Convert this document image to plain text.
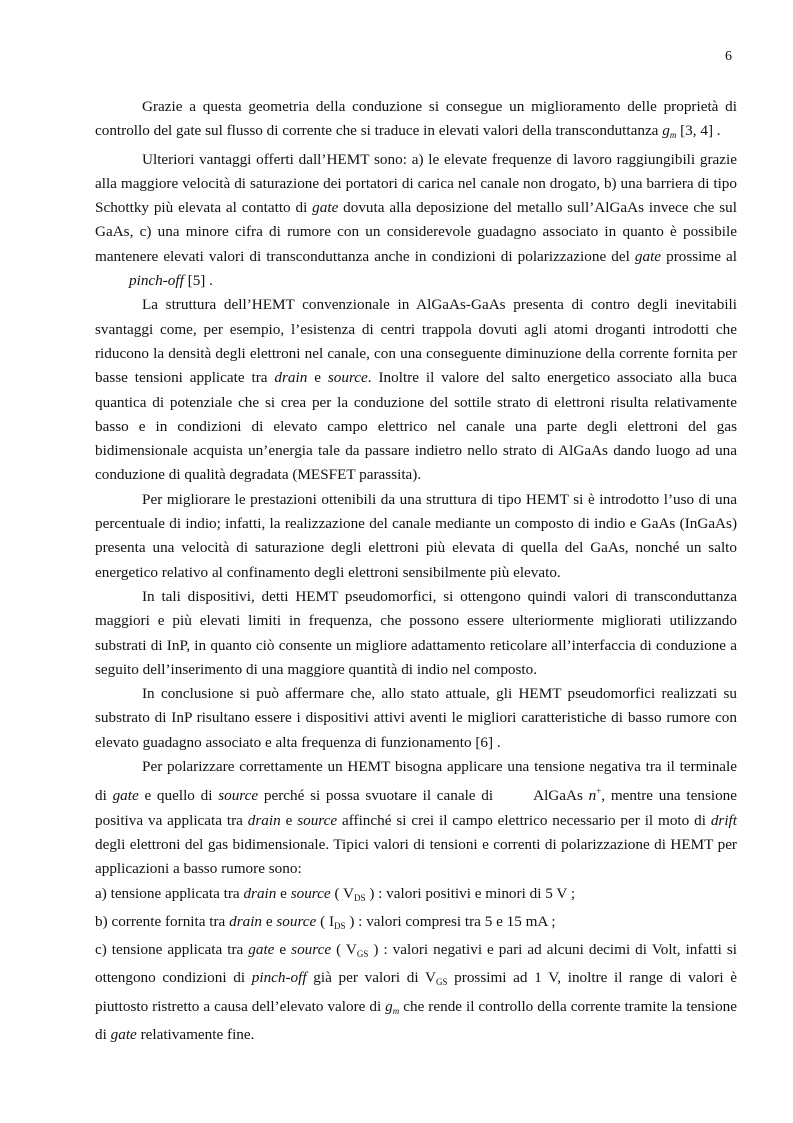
6

Grazie a questa geometria della conduzione si consegue un miglioramento delle proprietà di controllo del gate sul flusso di corrente che si traduce in elevati valori della transconduttanza $g_m$ [3, 4] .

Ulteriori vantaggi offerti dall’HEMT sono: a) le elevate frequenze di lavoro raggiungibili grazie alla maggiore velocità di saturazione dei portatori di carica nel canale non drogato, b) una barriera di tipo Schottky più elevata al contatto di gate dovuta alla deposizione del metallo sull’AlGaAs invece che sul GaAs, c) una minore cifra di rumore con un considerevole guadagno associato in quanto è possibile mantenere elevati valori di transconduttanza anche in condizioni di polarizzazione del gate prossime alpinch-off [5] .

La struttura dell’HEMT convenzionale in AlGaAs-GaAs presenta di contro degli inevitabili svantaggi come, per esempio, l’esistenza di centri trappola dovuti agli atomi droganti introdotti che riducono la densità degli elettroni nel canale, con una conseguente diminuzione della corrente fornita per basse tensioni applicate tra drain e source. Inoltre il valore del salto energetico associato alla buca quantica di potenziale che si crea per la conduzione del sottile strato di elettroni risulta relativamente basso e in condizioni di elevato campo elettrico nel canale una parte degli elettroni del gas bidimensionale acquista un’energia tale da passare indietro nello strato di AlGaAs dando luogo ad una conduzione di qualità degradata (MESFET parassita).

Per migliorare le prestazioni ottenibili da una struttura di tipo HEMT si è introdotto l’uso di una percentuale di indio; infatti, la realizzazione del canale mediante un composto di indio e GaAs (InGaAs) presenta una velocità di saturazione degli elettroni più elevata di quella del GaAs, nonché un salto energetico relativo al confinamento degli elettroni sensibilmente più elevato.

In tali dispositivi, detti HEMT pseudomorfici, si ottengono quindi valori di transconduttanza maggiori e più elevati limiti in frequenza, che possono essere ulteriormente migliorati utilizzando substrati di InP, in quanto ciò consente un migliore adattamento reticolare all’interfaccia di conduzione a seguito dell’inserimento di una maggiore quantità di indio nel composto.

In conclusione si può affermare che, allo stato attuale, gli HEMT pseudomorfici realizzati su substrato di InP risultano essere i dispositivi attivi aventi le migliori caratteristiche di basso rumore con elevato guadagno associato e alta frequenza di funzionamento [6] .

Per polarizzare correttamente un HEMT bisogna applicare una tensione negativa tra il terminale di gate e quello di source perché si possa svuotare il canale di	AlGaAs n+, mentre una tensione positiva va applicata tra drain e source affinché si crei il campo elettrico necessario per il moto di drift degli elettroni del gas bidimensionale. Tipici valori di tensioni e correnti di polarizzazione di HEMT per applicazioni a basso rumore sono:

a) tensione applicata tra drain e source ( $V_{DS}$ ) : valori positivi e minori di 5 V ;

b) corrente fornita tra drain e source ( $I_{DS}$ ) : valori compresi tra 5 e 15 mA ;

c) tensione applicata tra gate e source ( $V_{GS}$ ) : valori negativi e pari ad alcuni decimi di Volt, infatti si ottengono condizioni di pinch-off già per valori di $V_{GS}$ prossimi ad 1 V, inoltre il range di valori è piuttosto ristretto a causa dell’elevato valore di $g_m$ che rende il controllo della corrente tramite la tensione di gate relativamente fine.
